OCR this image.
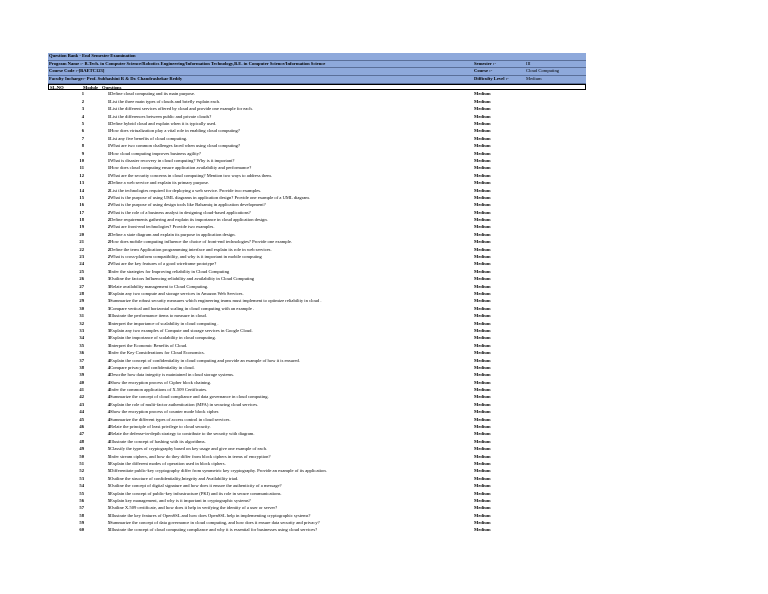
Question Bank - End Semester Examination
Program Name :- B.Tech. in Computer Science/Robotics Engineering/Information Technology,B.E. in Computer Science/Information Science	Semester :-	III
Course Code :-[BAETC123]	Course :-	Cloud Computing
Faculty Incharge:- Prof. Subhashini R & Dr. Chandrashekar Reddy	Difficulty Level :-	Medium
SL.NO	Module Questions
1	1 Define cloud computing and its main purpose.	Medium
2	1 List the three main types of clouds and briefly explain each.	Medium
3	1 List the different services offered by cloud and provide one example for each.	Medium
4	1 List the differences between public and private clouds?	Medium
5	1 Define hybrid cloud and explain when it is typically used.	Medium
6	1 How does virtualization play a vital role in enabling cloud computing?	Medium
7	1 List any five benefits of cloud computing.	Medium
8	1 What are two common challenges faced when using cloud computing?	Medium
9	1 How cloud computing improves business agility?	Medium
10	1 What is disaster recovery in cloud computing? Why is it important?	Medium
11	1 How does cloud computing ensure application availability and performance?	Medium
12	1 What are the security concerns in cloud computing? Mention two ways to address them.	Medium
13	2 Define a web service and explain its primary purpose.	Medium
14	2 List the technologies required for deploying a web service. Provide two examples.	Medium
15	2 What is the purpose of using UML diagrams in application design? Provide one example of a UML diagram.	Medium
16	2 What is the purpose of using design tools like Balsamiq in application development?	Medium
17	2 What is the role of a business analyst in designing cloud-based applications?	Medium
18	2 Define requirements gathering and explain its importance in cloud application design.	Medium
19	2 What are front-end technologies? Provide two examples.	Medium
20	2 Define a state diagram and explain its purpose in application design.	Medium
21	2 How does mobile computing influence the choice of front-end technologies? Provide one example.	Medium
22	2 Define the term Application programming interface and explain its role in web services.	Medium
23	2 What is cross-platform compatibility, and why is it important in mobile computing	Medium
24	2 What are the key features of a good wireframe prototype?	Medium
25	3 Infer the strategies for Improving reliability in Cloud Computing	Medium
26	3 Outline the factors Influencing reliability and availability in Cloud Computing	Medium
27	3 Relate availability management to Cloud Computing.	Medium
28	3 Explain any two compute and storage services in Amazon Web Services.	Medium
29	3 Summarize the robust security measures which engineering teams must implement to optimize reliability in cloud .	Medium
30	3 Compare vertical and horizontal scaling in cloud computing with an example .	Medium
31	3 Illustrate the performance items to measure in cloud.	Medium
32	3 Interpret the importance of scalability in cloud computing .	Medium
33	3 Explain any two examples of Compute and storage services in Google Cloud.	Medium
34	3 Explain the importance of scalability in cloud computing.	Medium
35	3 Interpret the Economic Benefits of Cloud.	Medium
36	3 Infer the Key Considerations for Cloud Economics.	Medium
37	4 Explain the concept of confidentiality in cloud computing and provide an example of how it is ensured.	Medium
38	4 Compare privacy and confidentiality in cloud.	Medium
39	4 Describe how data integrity is maintained in cloud storage systems.	Medium
40	4 Show the encryption process of Cipher block chaining.	Medium
41	4 Infer the common applications of X.509 Certificates.	Medium
42	4 Summarize the concept of cloud compliance and data governance in cloud computing.	Medium
43	4 Explain the role of multi-factor authentication (MFA) in securing cloud services.	Medium
44	4 Show the encryption process of counter mode block cipher.	Medium
45	4 Summarize the different types of access control in cloud services.	Medium
46	4 Relate the principle of least privilege to cloud security.	Medium
47	4 Relate the defense-in-depth strategy to contribute to the security with diagram.	Medium
48	4 Illustrate the concept of hashing with its algorithms.	Medium
49	5 Classify the types of cryptography based on key usage and give one example of each.	Medium
50	5 Infer stream ciphers, and how do they differ from block ciphers in terms of encryption?	Medium
51	5 Explain the different modes of operation used in block ciphers.	Medium
52	5 Differentiate public-key cryptography differ from symmetric key cryptography. Provide an example of its application.	Medium
53	5 Outline the structure of confidentiality,Integrity and Availability triad.	Medium
54	5 Outline the concept of digital signature and how does it ensure the authenticity of a message?	Medium
55	5 Explain the concept of public-key infrastructure (PKI) and its role in secure communications.	Medium
56	5 Explain key management, and why is it important in cryptographic systems?	Medium
57	5 Outline X.509 certificate, and how does it help in verifying the identity of a user or server?	Medium
58	5 Illustrate the key features of OpenSSL and how does OpenSSL help in implementing cryptographic systems?	Medium
59	5 Summarize the concept of data governance in cloud computing, and how does it ensure data security and privacy?	Medium
60	5 Illustrate the concept of cloud computing compliance and why it is essential for businesses using cloud services?	Medium
